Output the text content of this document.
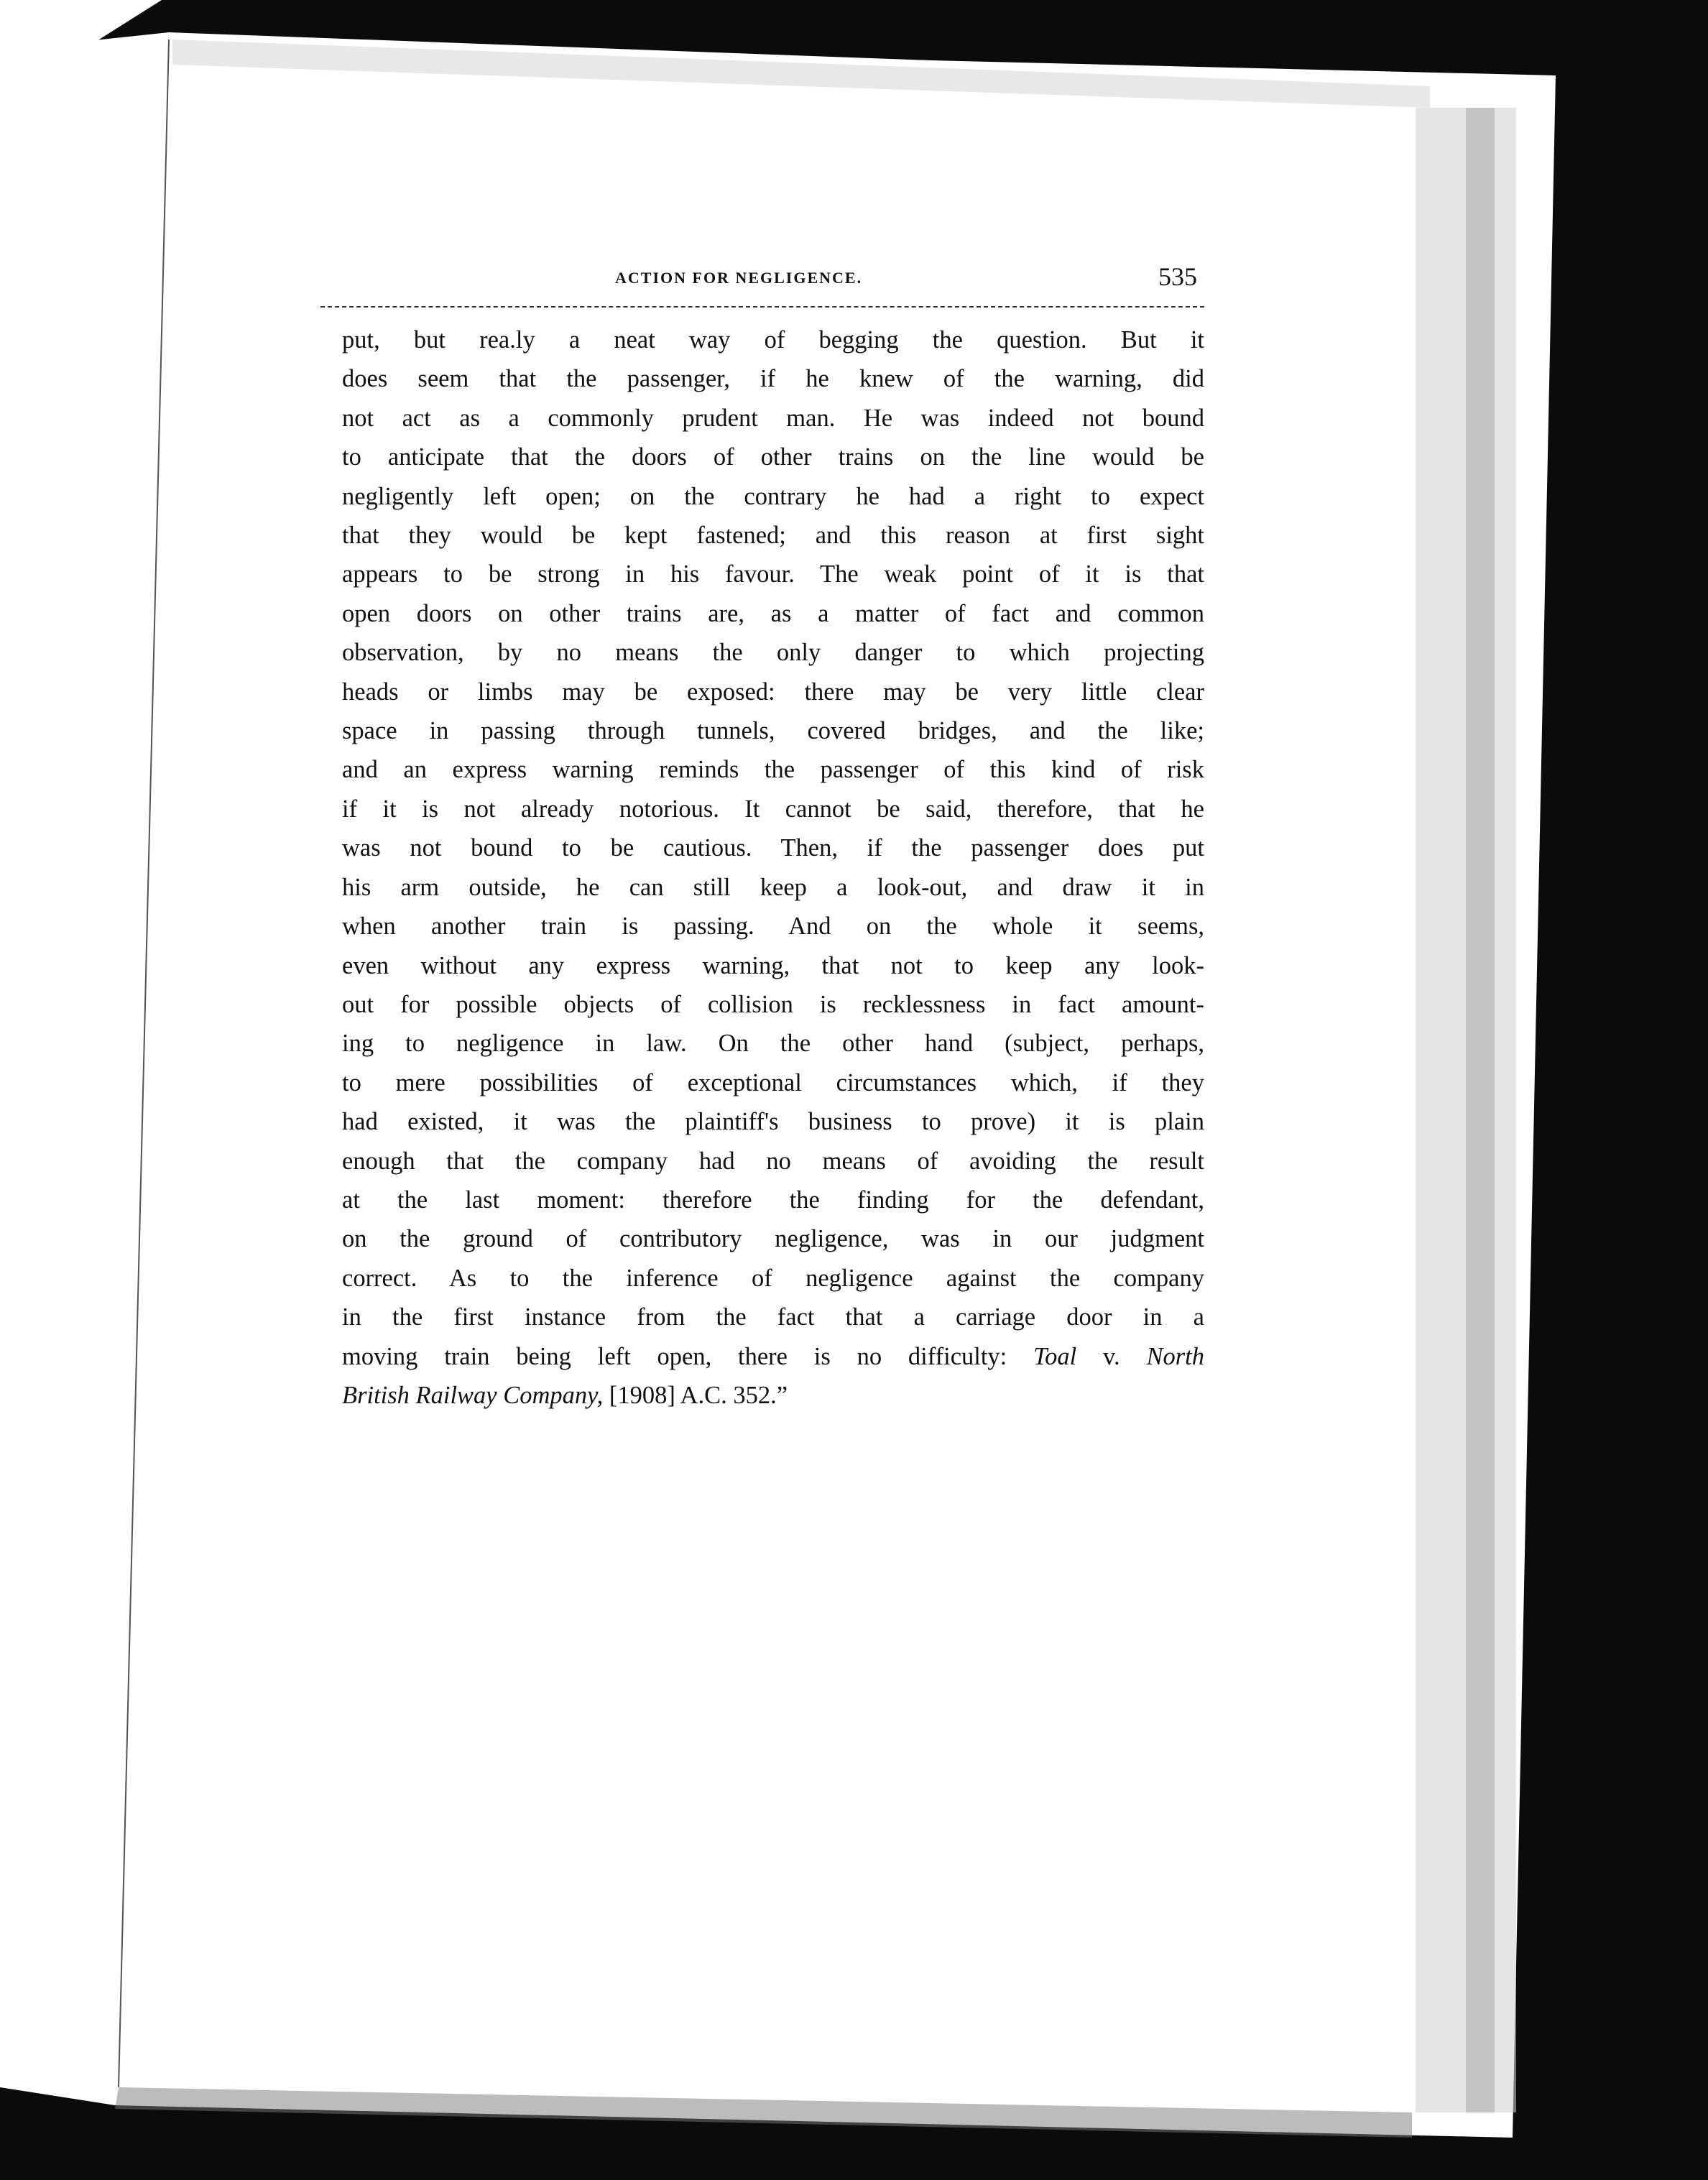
ACTION FOR NEGLIGENCE.	535
put, but rea.ly a neat way of begging the question. But it
does seem that the passenger, if he knew of the warning, did
not act as a commonly prudent man. He was indeed not bound
to anticipate that the doors of other trains on the line would be
negligently left open; on the contrary he had a right to expect
that they would be kept fastened; and this reason at first sight
appears to be strong in his favour. The weak point of it is that
open doors on other trains are, as a matter of fact and common
observation, by no means the only danger to which projecting
heads or limbs may be exposed: there may be very little clear
space in passing through tunnels, covered bridges, and the like;
and an express warning reminds the passenger of this kind of risk
if it is not already notorious. It cannot be said, therefore, that he
was not bound to be cautious. Then, if the passenger does put
his arm outside, he can still keep a look-out, and draw it in
when another train is passing. And on the whole it seems,
even without any express warning, that not to keep any look-
out for possible objects of collision is recklessness in fact amount-
ing to negligence in law. On the other hand (subject, perhaps,
to mere possibilities of exceptional circumstances which, if they
had existed, it was the plaintiff's business to prove) it is plain
enough that the company had no means of avoiding the result
at the last moment: therefore the finding for the defendant,
on the ground of contributory negligence, was in our judgment
correct. As to the inference of negligence against the company
in the first instance from the fact that a carriage door in a
moving train being left open, there is no difficulty: Toal v. North
British Railway Company, [1908] A.C. 352.”
